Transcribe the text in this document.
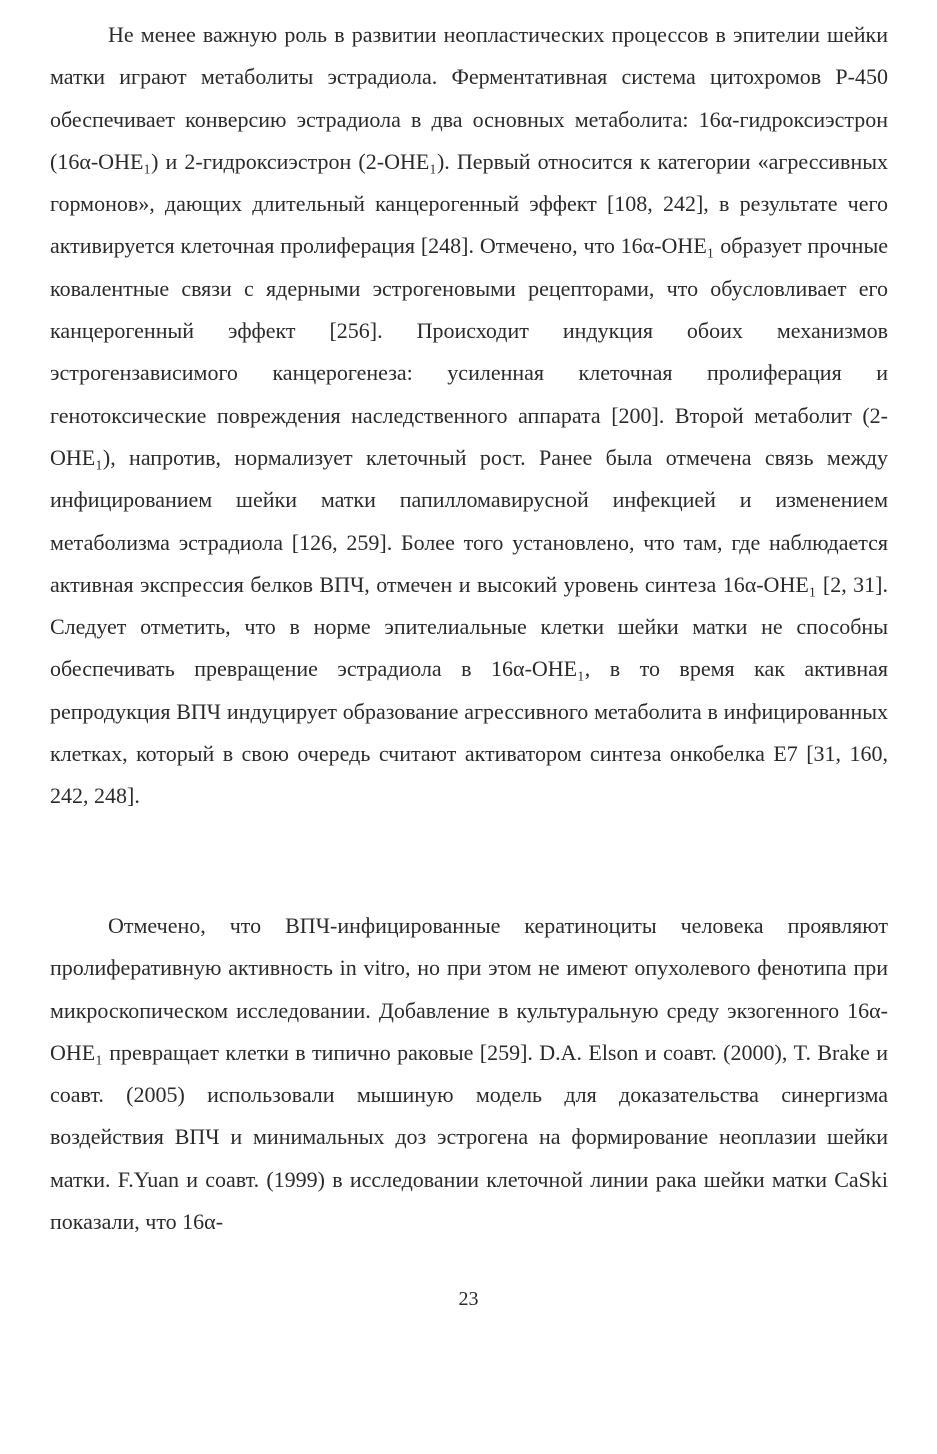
Не менее важную роль в развитии неопластических процессов в эпителии шейки матки играют метаболиты эстрадиола. Ферментативная система цитохромов Р-450 обеспечивает конверсию эстрадиола в два основных метаболита: 16α-гидроксиэстрон (16α-OHE₁) и 2-гидроксиэстрон (2-OHE₁). Первый относится к категории «агрессивных гормонов», дающих длительный канцерогенный эффект [108, 242], в результате чего активируется клеточная пролиферация [248]. Отмечено, что 16α-OHE₁ образует прочные ковалентные связи с ядерными эстрогеновыми рецепторами, что обусловливает его канцерогенный эффект [256]. Происходит индукция обоих механизмов эстрогензависимого канцерогенеза: усиленная клеточная пролиферация и генотоксические повреждения наследственного аппарата [200]. Второй метаболит (2-OHE₁), напротив, нормализует клеточный рост. Ранее была отмечена связь между инфицированием шейки матки папилломавирусной инфекцией и изменением метаболизма эстрадиола [126, 259]. Более того установлено, что там, где наблюдается активная экспрессия белков ВПЧ, отмечен и высокий уровень синтеза 16α-OHE₁ [2, 31]. Следует отметить, что в норме эпителиальные клетки шейки матки не способны обеспечивать превращение эстрадиола в 16α-OHE₁, в то время как активная репродукция ВПЧ индуцирует образование агрессивного метаболита в инфицированных клетках, который в свою очередь считают активатором синтеза онкобелка Е7 [31, 160, 242, 248].

Отмечено, что ВПЧ-инфицированные кератиноциты человека проявляют пролиферативную активность in vitro, но при этом не имеют опухолевого фенотипа при микроскопическом исследовании. Добавление в культуральную среду экзогенного 16α-OHE₁ превращает клетки в типично раковые [259]. D.A. Elson и соавт. (2000), T. Brake и соавт. (2005) использовали мышиную модель для доказательства синергизма воздействия ВПЧ и минимальных доз эстрогена на формирование неоплазии шейки матки. F.Yuan и соавт. (1999) в исследовании клеточной линии рака шейки матки CaSki показали, что 16α-

23
